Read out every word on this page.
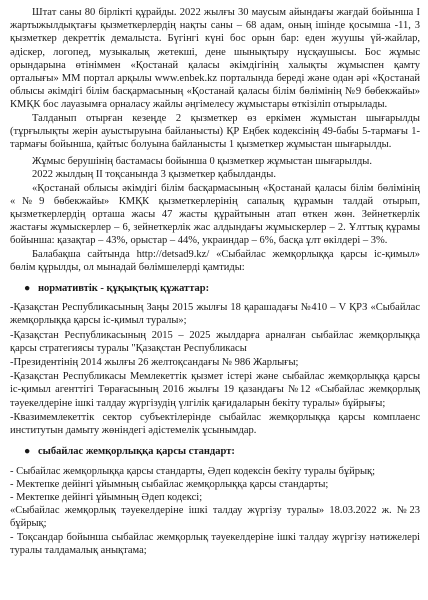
Штат саны 80 бірлікті құрайды. 2022 жылғы 30 маусым айындағы жағдай бойынша І жартыжылдықтағы қызметкерлердің нақты саны – 68 адам, оның ішінде қосымша -11, 3 қызметкер декреттік демалыста. Бүгінгі күні бос орын бар: еден жуушы үй-жайлар, әдіскер, логопед, музыкалық жетекші, дене шынықтыру нұсқаушысы. Бос жұмыс орындарына өтініммен «Қостанай қаласы әкімдігінің халықты жұмыспен қамту орталығы» ММ портал арқылы www.enbek.kz порталында береді және одан әрі «Қостанай облысы әкімдігі білім басқармасының «Қостанай қаласы білім бөлімінің №9 бөбекжайы» КМҚК бос лауазымға орналасу жайлы әңгімелесу жұмыстары өткізіліп отырылады.

Талданып отырған кезеңде 2 қызметкер өз еркімен жұмыстан шығарылды (тұрғылықты жерін ауыстыруына байланысты) ҚР Еңбек кодексінің 49-бабы 5-тармағы 1-тармағы бойынша, қайтыс болуына байланысты 1 қызметкер жұмыстан шығарылды.

Жұмыс берушінің бастамасы бойынша 0 қызметкер жұмыстан шығарылды.

2022 жылдың ІІ тоқсанында 3 қызметкер қабылданды.

«Қостанай облысы әкімдігі білім басқармасының «Қостанай қаласы білім бөлімінің «№9 бөбекжайы» КМҚК қызметкерлерінің сапалық құрамын талдай отырып, қызметкерлердің орташа жасы 47 жасты құрайтынын атап өткен жөн. Зейнеткерлік жастағы жұмыскерлер – 6, зейнеткерлік жас алдындағы жұмыскерлер – 2. Ұлттық құрамы бойынша: қазақтар – 43%, орыстар – 44%, украиндар – 6%, басқа ұлт өкілдері – 3%.

Балабақша сайтында http://detsad9.kz/ «Сыбайлас жемқорлыққа қарсы іс-қимыл» бөлім құрылды, ол мынадай бөлімшелерді қамтиды:

● нормативтік - құқықтық құжаттар:

-Қазақстан Республикасының Заңы 2015 жылғы 18 қарашадағы №410 – V ҚРЗ «Сыбайлас жемқорлыққа қарсы іс-қимыл туралы»;

-Қазақстан Республикасының 2015 – 2025 жылдарға арналған сыбайлас жемқорлыққа қарсы стратегиясы туралы "Қазақстан Республикасы

-Президентінің 2014 жылғы 26 желтоқсандағы № 986 Жарлығы;

-Қазақстан Республикасы Мемлекеттік қызмет істері және сыбайлас жемқорлыққа қарсы іс-қимыл агенттігі Төрағасының 2016 жылғы 19 қазандағы №12 «Сыбайлас жемқорлық тәуекелдеріне ішкі талдау жүргізудің үлгілік қағидаларын бекіту туралы» бұйрығы;

-Квазимемлекеттік сектор субъектілерінде сыбайлас жемқорлыққа қарсы комплаенс институтын дамыту жөніндегі әдістемелік ұсынымдар.

● сыбайлас жемқорлыққа қарсы стандарт:

- Сыбайлас жемқорлыққа қарсы стандарты, Әдеп кодексін бекіту туралы бұйрық;

- Мектепке дейінгі ұйымның сыбайлас жемқорлыққа қарсы стандарты;

- Мектепке дейінгі ұйымның Әдеп кодексі;

«Сыбайлас жемқорлық тәуекелдеріне ішкі талдау жүргізу туралы» 18.03.2022 ж. №23 бұйрық;

- Тоқсандар бойынша сыбайлас жемқорлық тәуекелдеріне ішкі талдау жүргізу нәтижелері туралы талдамалық анықтама;
